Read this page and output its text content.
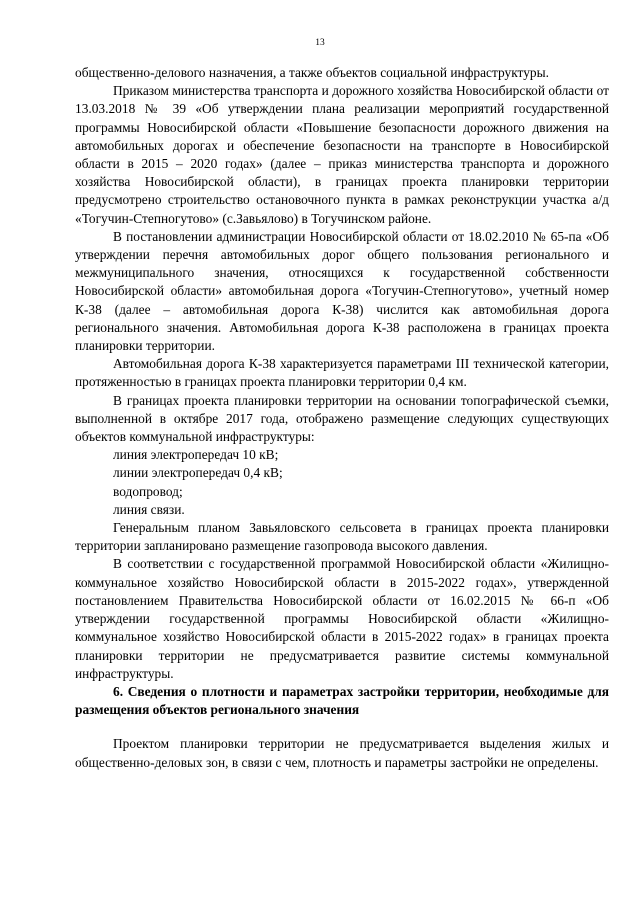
13

общественно-делового назначения, а также объектов социальной инфраструктуры.

Приказом министерства транспорта и дорожного хозяйства Новосибирской области от 13.03.2018 № 39 «Об утверждении плана реализации мероприятий государственной программы Новосибирской области «Повышение безопасности дорожного движения на автомобильных дорогах и обеспечение безопасности на транспорте в Новосибирской области в 2015 – 2020 годах» (далее – приказ министерства транспорта и дорожного хозяйства Новосибирской области), в границах проекта планировки территории предусмотрено строительство остановочного пункта в рамках реконструкции участка а/д «Тогучин-Степногутово» (с.Завьялово) в Тогучинском районе.

В постановлении администрации Новосибирской области от 18.02.2010 № 65-па «Об утверждении перечня автомобильных дорог общего пользования регионального и межмуниципального значения, относящихся к государственной собственности Новосибирской области» автомобильная дорога «Тогучин-Степногутово», учетный номер К-38 (далее – автомобильная дорога К-38) числится как автомобильная дорога регионального значения. Автомобильная дорога К-38 расположена в границах проекта планировки территории.

Автомобильная дорога К-38 характеризуется параметрами III технической категории, протяженностью в границах проекта планировки территории 0,4 км.

В границах проекта планировки территории на основании топографической съемки, выполненной в октябре 2017 года, отображено размещение следующих существующих объектов коммунальной инфраструктуры:

линия электропередач 10 кВ;

линии электропередач 0,4 кВ;

водопровод;

линия связи.

Генеральным планом Завьяловского сельсовета в границах проекта планировки территории запланировано размещение газопровода высокого давления.

В соответствии с государственной программой Новосибирской области «Жилищно-коммунальное хозяйство Новосибирской области в 2015-2022 годах», утвержденной постановлением Правительства Новосибирской области от 16.02.2015 № 66-п «Об утверждении государственной программы Новосибирской области «Жилищно-коммунальное хозяйство Новосибирской области в 2015-2022 годах» в границах проекта планировки территории не предусматривается развитие системы коммунальной инфраструктуры.

6. Сведения о плотности и параметрах застройки территории, необходимые для размещения объектов регионального значения

Проектом планировки территории не предусматривается выделения жилых и общественно-деловых зон, в связи с чем, плотность и параметры застройки не определены.
